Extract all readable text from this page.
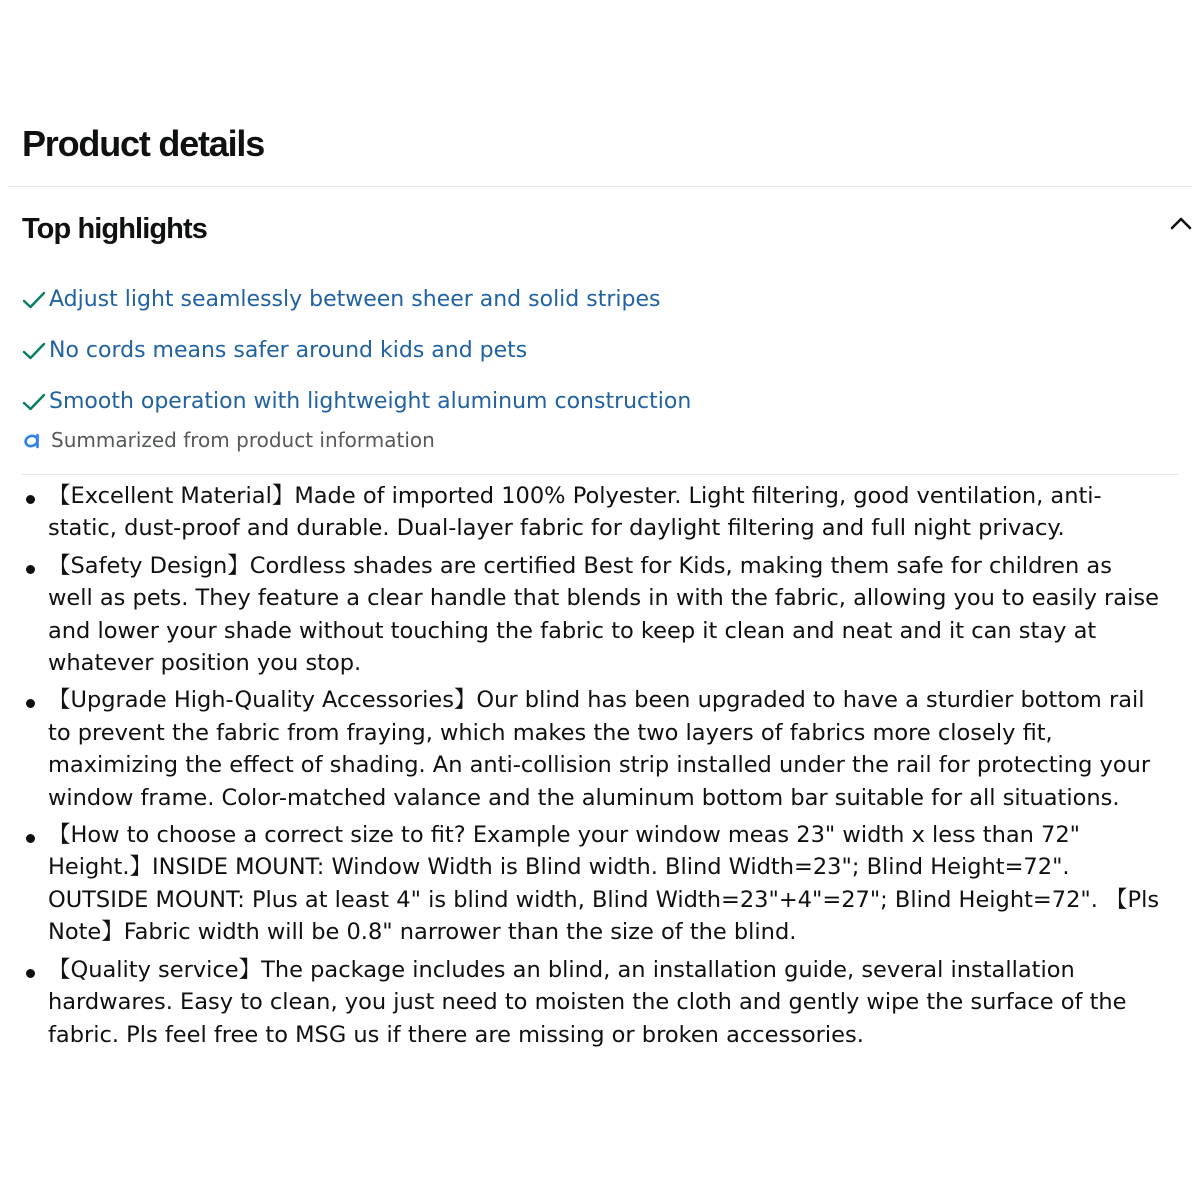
Product details
Top highlights
Adjust light seamlessly between sheer and solid stripes
No cords means safer around kids and pets
Smooth operation with lightweight aluminum construction
Summarized from product information
【Excellent Material】Made of imported 100% Polyester. Light filtering, good ventilation, anti-static, dust-proof and durable. Dual-layer fabric for daylight filtering and full night privacy.
【Safety Design】Cordless shades are certified Best for Kids, making them safe for children as well as pets. They feature a clear handle that blends in with the fabric, allowing you to easily raise and lower your shade without touching the fabric to keep it clean and neat and it can stay at whatever position you stop.
【Upgrade High-Quality Accessories】Our blind has been upgraded to have a sturdier bottom rail to prevent the fabric from fraying, which makes the two layers of fabrics more closely fit, maximizing the effect of shading. An anti-collision strip installed under the rail for protecting your window frame. Color-matched valance and the aluminum bottom bar suitable for all situations.
【How to choose a correct size to fit? Example your window meas 23" width x less than 72" Height.】INSIDE MOUNT: Window Width is Blind width. Blind Width=23"; Blind Height=72". OUTSIDE MOUNT: Plus at least 4" is blind width, Blind Width=23"+4"=27"; Blind Height=72". 【Pls Note】Fabric width will be 0.8" narrower than the size of the blind.
【Quality service】The package includes an blind, an installation guide, several installation hardwares. Easy to clean, you just need to moisten the cloth and gently wipe the surface of the fabric. Pls feel free to MSG us if there are missing or broken accessories.
